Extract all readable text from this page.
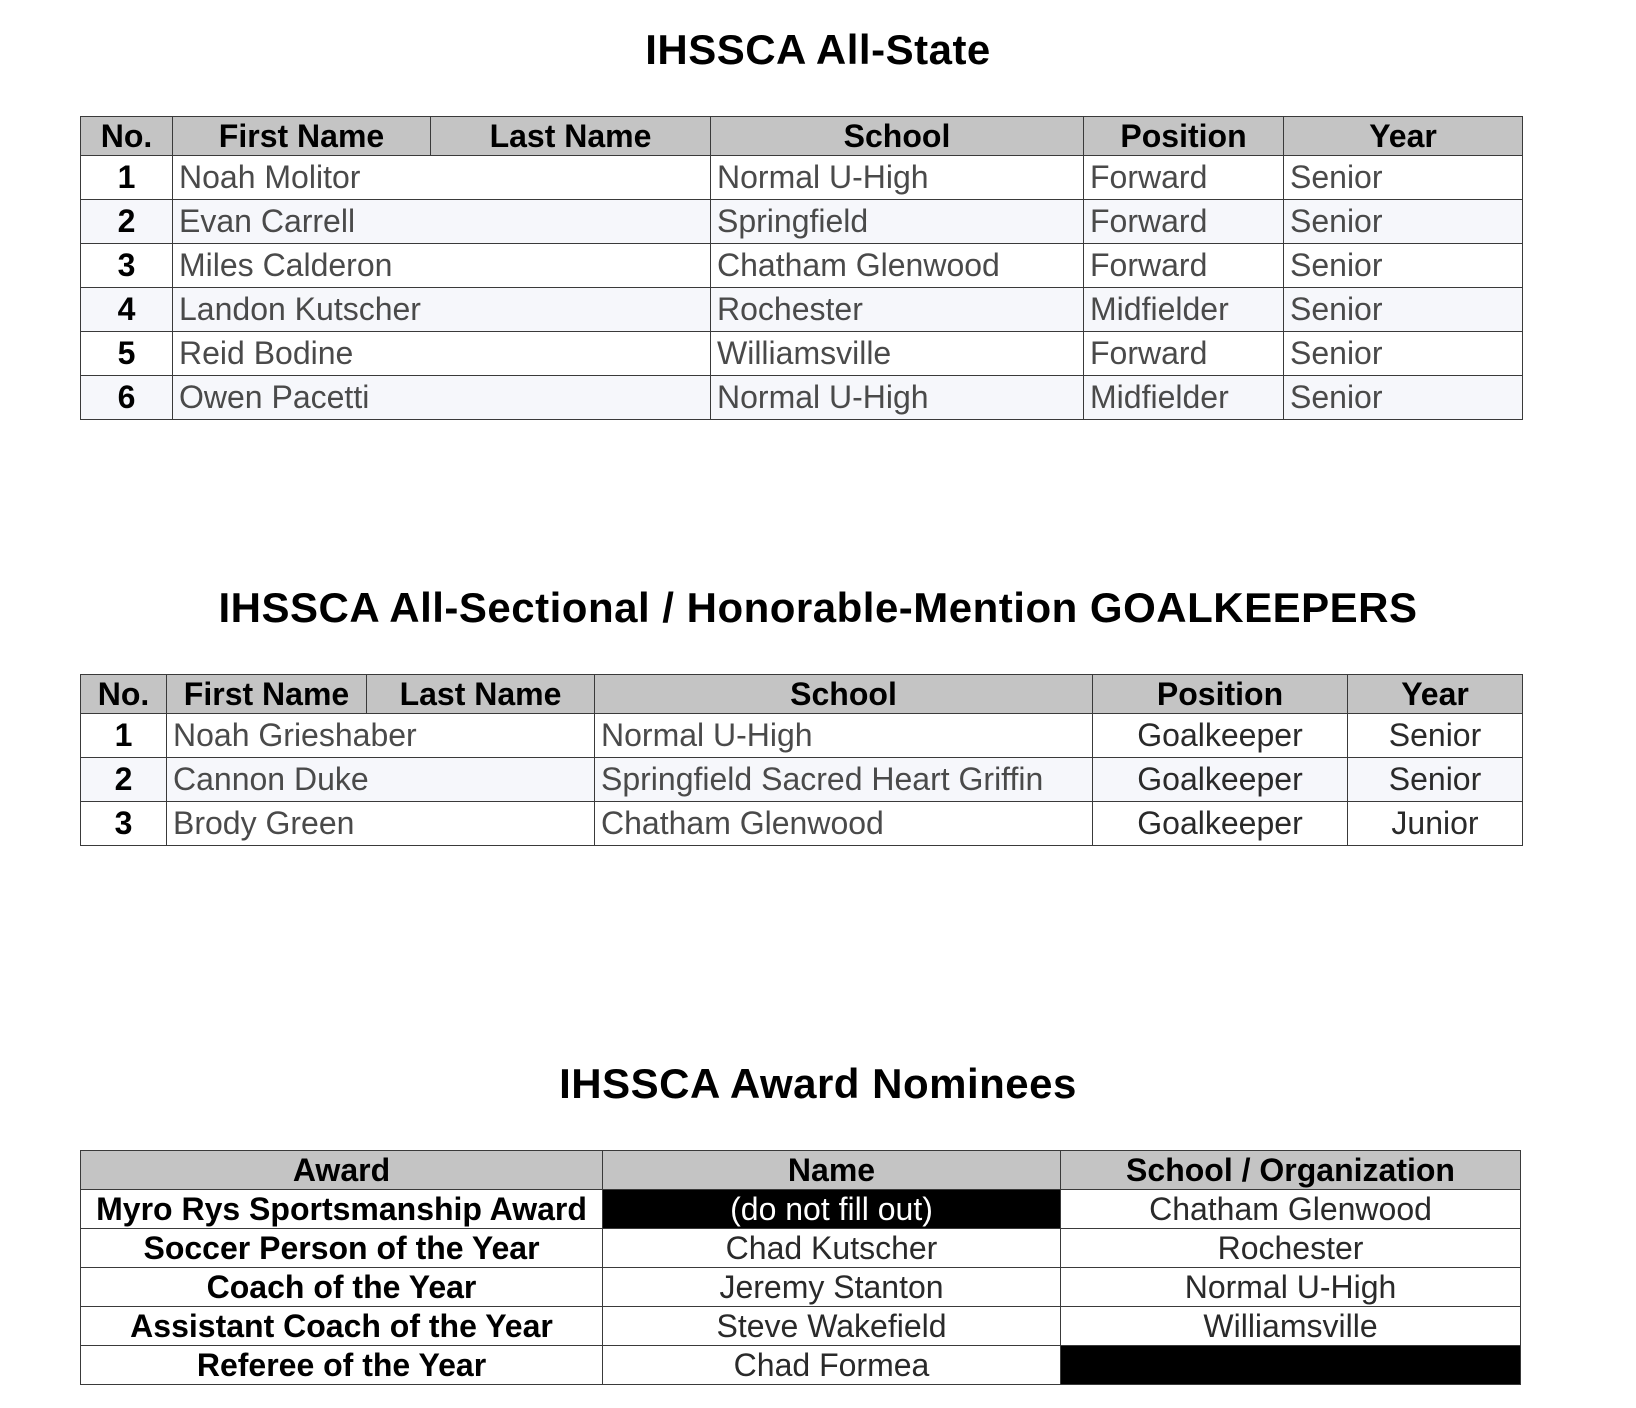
IHSSCA All-State
No.	First Name	Last Name	School	Position	Year
1	Noah Molitor		Normal U-High	Forward	Senior
2	Evan Carrell		Springfield	Forward	Senior
3	Miles Calderon		Chatham Glenwood	Forward	Senior
4	Landon Kutscher		Rochester	Midfielder	Senior
5	Reid Bodine		Williamsville	Forward	Senior
6	Owen Pacetti		Normal U-High	Midfielder	Senior
IHSSCA All-Sectional / Honorable-Mention GOALKEEPERS
No.	First Name	Last Name	School	Position	Year
1	Noah Grieshaber		Normal U-High	Goalkeeper	Senior
2	Cannon Duke		Springfield Sacred Heart Griffin	Goalkeeper	Senior
3	Brody Green		Chatham Glenwood	Goalkeeper	Junior
IHSSCA Award Nominees
Award	Name	School / Organization
Myro Rys Sportsmanship Award	(do not fill out)	Chatham Glenwood
Soccer Person of the Year	Chad Kutscher	Rochester
Coach of the Year	Jeremy Stanton	Normal U-High
Assistant Coach of the Year	Steve Wakefield	Williamsville
Referee of the Year	Chad Formea	
